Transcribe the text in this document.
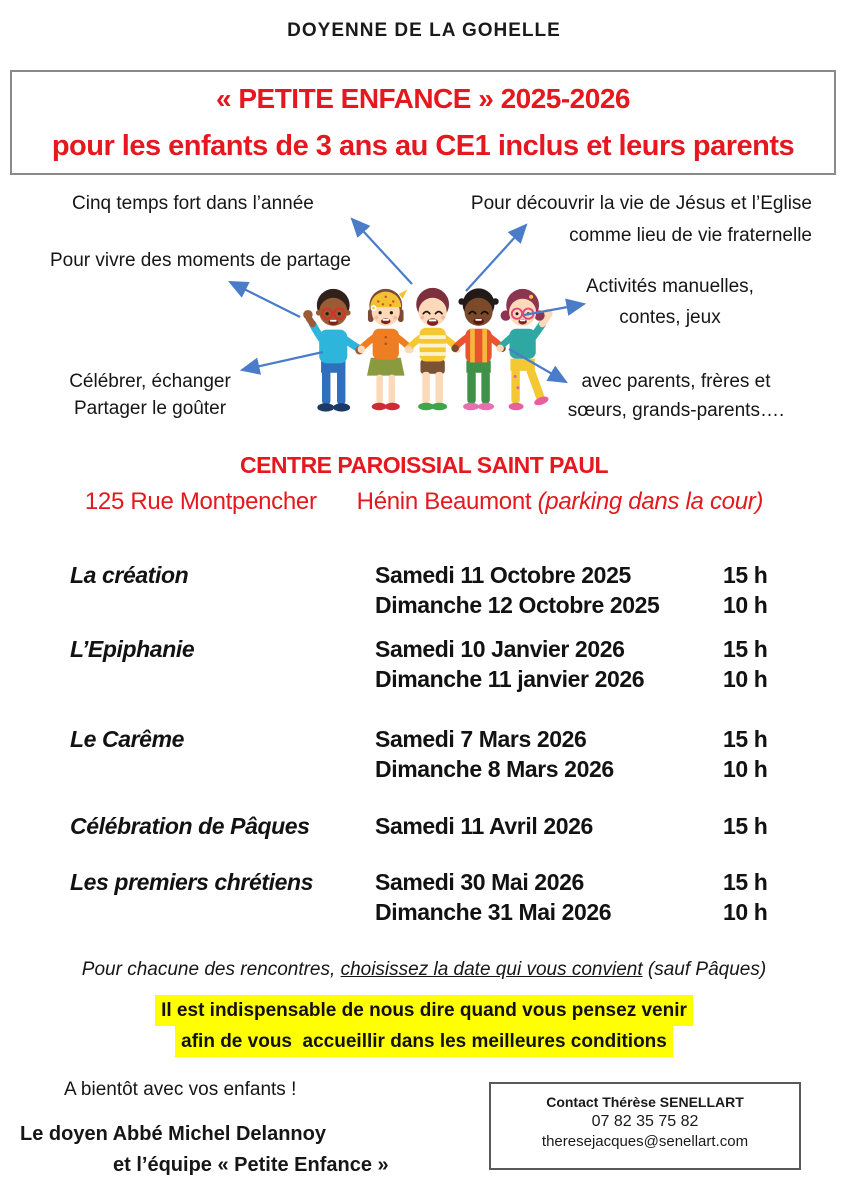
DOYENNE DE LA GOHELLE
« PETITE ENFANCE » 2025-2026
pour les enfants de 3 ans au CE1 inclus et leurs parents
Cinq temps fort dans l’année
Pour vivre des moments de partage
Célébrer, échanger
Partager le goûter
Pour découvrir la vie de Jésus et l’Eglise
comme lieu de vie fraternelle
Activités manuelles,
contes, jeux
avec parents, frères et
sœurs, grands-parents….
CENTRE PAROISSIAL SAINT PAUL
125 Rue Montpencher Hénin Beaumont (parking dans la cour)
La création	Samedi 11 Octobre 2025	15 h
Dimanche 12 Octobre 2025	10 h
L’Epiphanie	Samedi 10 Janvier 2026	15 h
Dimanche 11 janvier 2026	10 h
Le Carême	Samedi 7 Mars 2026	15 h
Dimanche 8 Mars 2026	10 h
Célébration de Pâques	Samedi 11 Avril 2026	15 h
Les premiers chrétiens	Samedi 30 Mai 2026	15 h
Dimanche 31 Mai 2026	10 h
Pour chacune des rencontres, choisissez la date qui vous convient (sauf Pâques)
Il est indispensable de nous dire quand vous pensez venir
afin de vous  accueillir dans les meilleures conditions
A bientôt avec vos enfants !
Le doyen Abbé Michel Delannoy
et l’équipe « Petite Enfance »
Contact Thérèse SENELLART
07 82 35 75 82
theresejacques@senellart.com
